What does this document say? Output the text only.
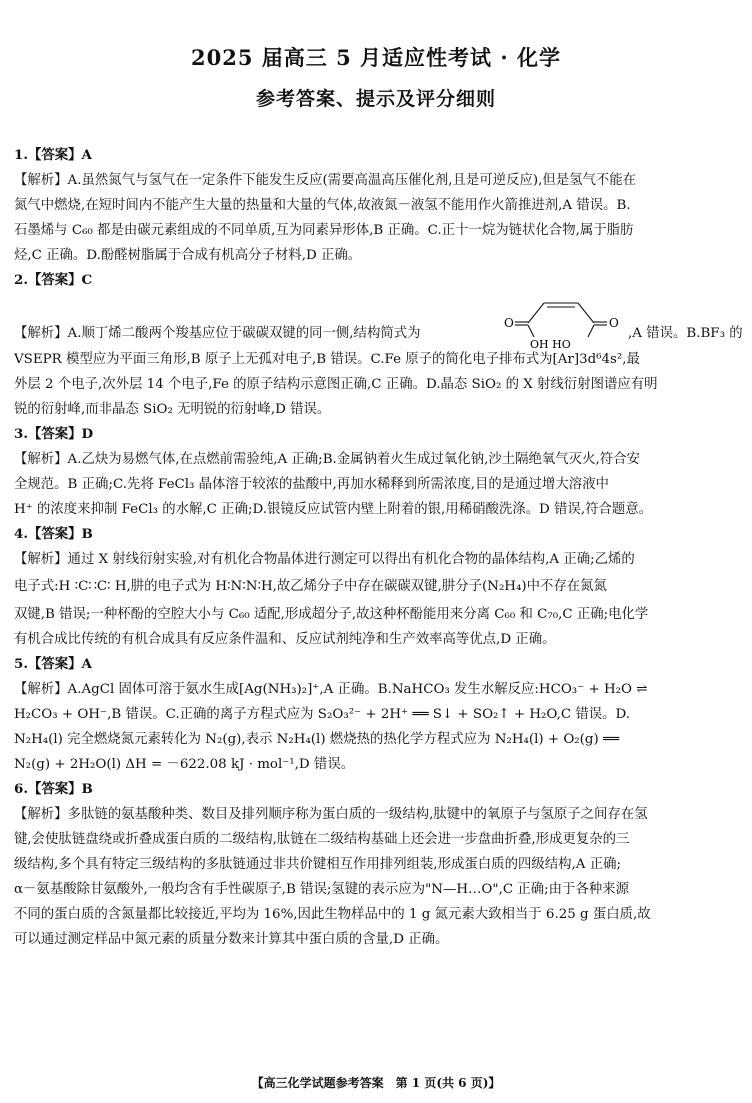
2025 届高三 5 月适应性考试 · 化学
参考答案、提示及评分细则
1.【答案】A
【解析】A.虽然氮气与氢气在一定条件下能发生反应(需要高温高压催化剂,且是可逆反应),但是氢气不能在
氮气中燃烧,在短时间内不能产生大量的热量和大量的气体,故液氮－液氢不能用作火箭推进剂,A 错误。B.
石墨烯与 C₆₀ 都是由碳元素组成的不同单质,互为同素异形体,B 正确。C.正十一烷为链状化合物,属于脂肪
烃,C 正确。D.酚醛树脂属于合成有机高分子材料,D 正确。
2.【答案】C
【解析】A.顺丁烯二酸两个羧基应位于碳碳双键的同一侧,结构简式为
O	O
OH HO
,A 错误。B.BF₃ 的
VSEPR 模型应为平面三角形,B 原子上无孤对电子,B 错误。C.Fe 原子的简化电子排布式为[Ar]3d⁶4s²,最
外层 2 个电子,次外层 14 个电子,Fe 的原子结构示意图正确,C 正确。D.晶态 SiO₂ 的 X 射线衍射图谱应有明
锐的衍射峰,而非晶态 SiO₂ 无明锐的衍射峰,D 错误。
3.【答案】D
【解析】A.乙炔为易燃气体,在点燃前需验纯,A 正确;B.金属钠着火生成过氧化钠,沙土隔绝氧气灭火,符合安
全规范。B 正确;C.先将 FeCl₃ 晶体溶于较浓的盐酸中,再加水稀释到所需浓度,目的是通过增大溶液中
H⁺ 的浓度来抑制 FeCl₃ 的水解,C 正确;D.银镜反应试管内壁上附着的银,用稀硝酸洗涤。D 错误,符合题意。
4.【答案】B
【解析】通过 X 射线衍射实验,对有机化合物晶体进行测定可以得出有机化合物的晶体结构,A 正确;乙烯的
电子式:H ∶C∷C∶ H,肼的电子式为 H∶N∶N∶H,故乙烯分子中存在碳碳双键,肼分子(N₂H₄)中不存在氮氮
双键,B 错误;一种杯酚的空腔大小与 C₆₀ 适配,形成超分子,故这种杯酚能用来分离 C₆₀ 和 C₇₀,C 正确;电化学
有机合成比传统的有机合成具有反应条件温和、反应试剂纯净和生产效率高等优点,D 正确。
5.【答案】A
【解析】A.AgCl 固体可溶于氨水生成[Ag(NH₃)₂]⁺,A 正确。B.NaHCO₃ 发生水解反应:HCO₃⁻ + H₂O ⇌
H₂CO₃ + OH⁻,B 错误。C.正确的离子方程式应为 S₂O₃²⁻ + 2H⁺ ══ S↓ + SO₂↑ + H₂O,C 错误。D.
N₂H₄(l) 完全燃烧氮元素转化为 N₂(g),表示 N₂H₄(l) 燃烧热的热化学方程式应为 N₂H₄(l) + O₂(g) ══
N₂(g) + 2H₂O(l) ΔH = －622.08 kJ · mol⁻¹,D 错误。
6.【答案】B
【解析】多肽链的氨基酸种类、数目及排列顺序称为蛋白质的一级结构,肽键中的氧原子与氢原子之间存在氢
键,会使肽链盘绕或折叠成蛋白质的二级结构,肽链在二级结构基础上还会进一步盘曲折叠,形成更复杂的三
级结构,多个具有特定三级结构的多肽链通过非共价键相互作用排列组装,形成蛋白质的四级结构,A 正确;
α－氨基酸除甘氨酸外,一般均含有手性碳原子,B 错误;氢键的表示应为"N—H…O",C 正确;由于各种来源
不同的蛋白质的含氮量都比较接近,平均为 16%,因此生物样品中的 1 g 氮元素大致相当于 6.25 g 蛋白质,故
可以通过测定样品中氮元素的质量分数来计算其中蛋白质的含量,D 正确。
【高三化学试题参考答案　第 1 页(共 6 页)】
